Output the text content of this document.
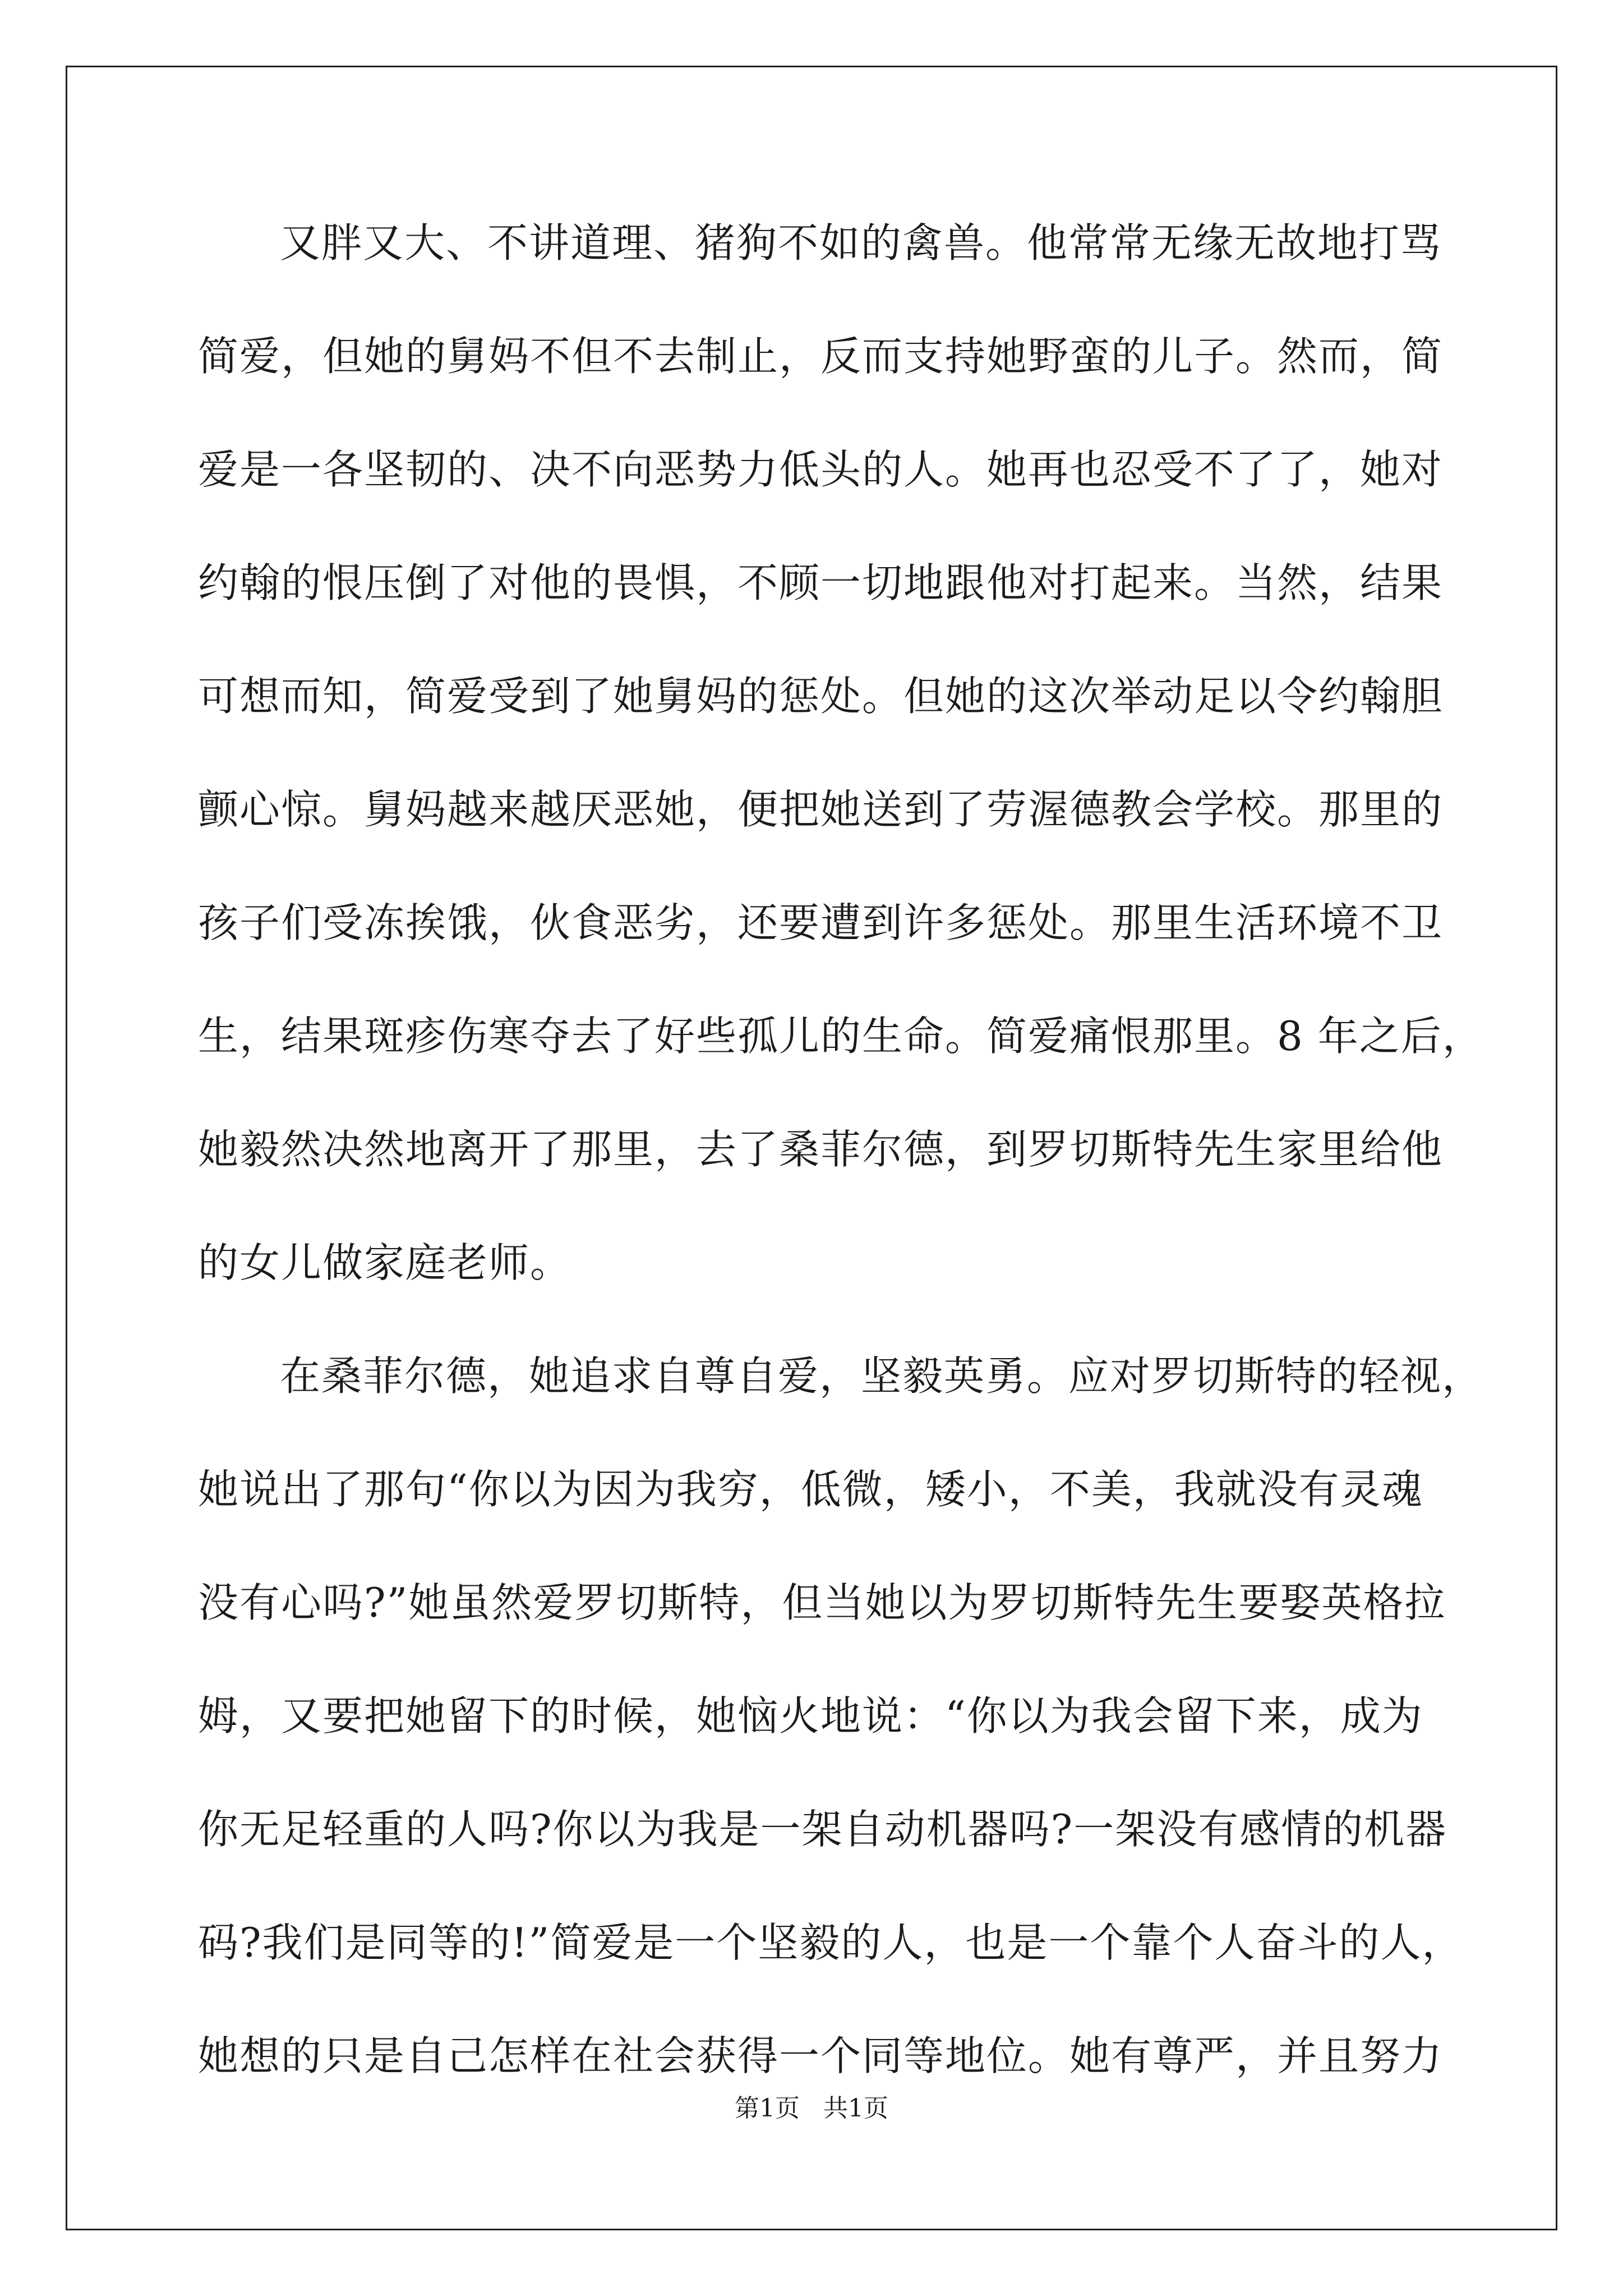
又胖又大、不讲道理、猪狗不如的禽兽。他常常无缘无故地打骂
简爱，但她的舅妈不但不去制止，反而支持她野蛮的儿子。然而，简
爱是一各坚韧的、决不向恶势力低头的人。她再也忍受不了了，她对
约翰的恨压倒了对他的畏惧，不顾一切地跟他对打起来。当然，结果
可想而知，简爱受到了她舅妈的惩处。但她的这次举动足以令约翰胆
颤心惊。舅妈越来越厌恶她，便把她送到了劳渥德教会学校。那里的
孩子们受冻挨饿，伙食恶劣，还要遭到许多惩处。那里生活环境不卫
生，结果斑疹伤寒夺去了好些孤儿的生命。简爱痛恨那里。8 年之后，
她毅然决然地离开了那里，去了桑菲尔德，到罗切斯特先生家里给他
的女儿做家庭老师。
在桑菲尔德，她追求自尊自爱，坚毅英勇。应对罗切斯特的轻视，
她说出了那句“你以为因为我穷，低微，矮小，不美，我就没有灵魂
没有心吗?”她虽然爱罗切斯特，但当她以为罗切斯特先生要娶英格拉
姆，又要把她留下的时候，她恼火地说：“你以为我会留下来，成为
你无足轻重的人吗?你以为我是一架自动机器吗?一架没有感情的机器
码?我们是同等的!”简爱是一个坚毅的人，也是一个靠个人奋斗的人，
她想的只是自己怎样在社会获得一个同等地位。她有尊严，并且努力
第1页 共1页
